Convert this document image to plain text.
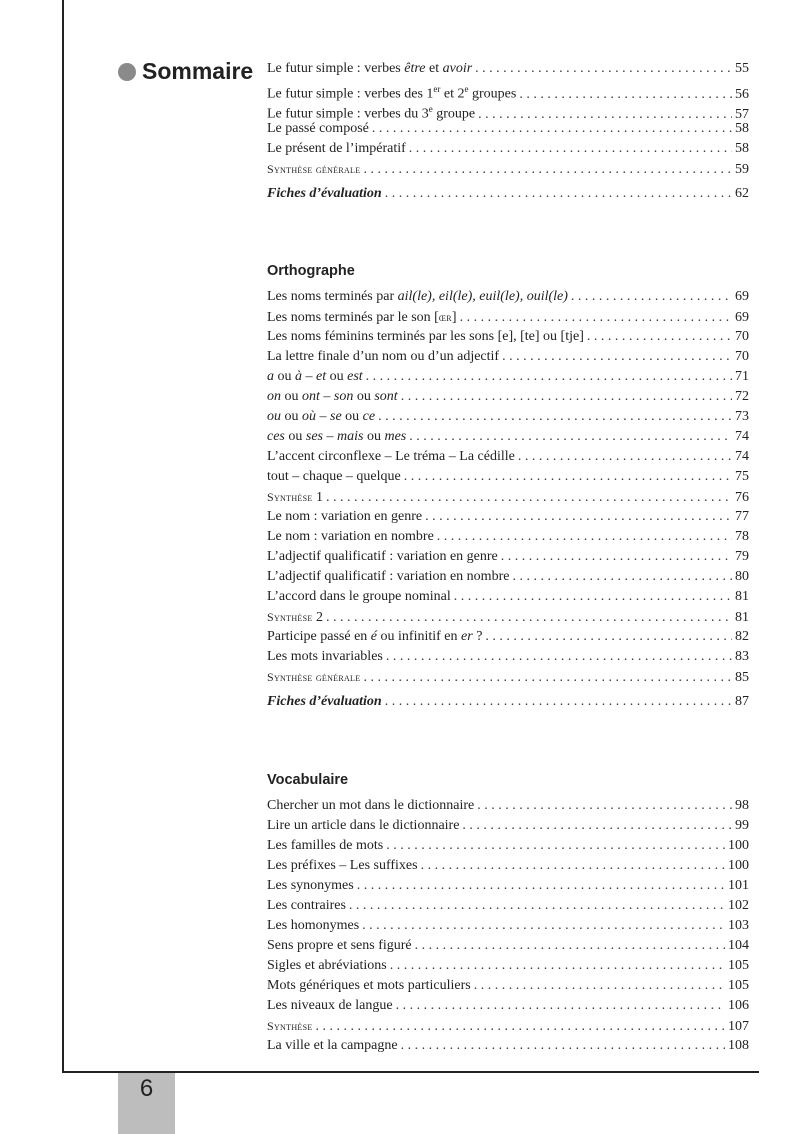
Sommaire Le futur simple : verbes être et avoir . . .	55
Le futur simple : verbes des 1er et 2e groupes . . .	56
Le futur simple : verbes du 3e groupe . . .	57
Le passé composé . . .	58
Le présent de l’impératif . . .	58
Synthèse générale . . .	59
Fiches d’évaluation . . .	62
Orthographe
Les noms terminés par ail(le), eil(le), euil(le), ouil(le) . . .	69
Les noms terminés par le son [œr] . . .	69
Les noms féminins terminés par les sons [e], [te] ou [tje] . . .	70
La lettre finale d’un nom ou d’un adjectif . . .	70
a ou à – et ou est . . .	71
on ou ont – son ou sont . . .	72
ou ou où – se ou ce . . .	73
ces ou ses – mais ou mes . . .	74
L’accent circonflexe – Le tréma – La cédille . . .	74
tout – chaque – quelque . . .	75
Synthèse 1 . . .	76
Le nom : variation en genre . . .	77
Le nom : variation en nombre . . .	78
L’adjectif qualificatif : variation en genre . . .	79
L’adjectif qualificatif : variation en nombre . . .	80
L’accord dans le groupe nominal . . .	81
Synthèse 2 . . .	81
Participe passé en é ou infinitif en er ? . . .	82
Les mots invariables . . .	83
Synthèse générale . . .	85
Fiches d’évaluation . . .	87
Vocabulaire
Chercher un mot dans le dictionnaire . . .	98
Lire un article dans le dictionnaire . . .	99
Les familles de mots . . .	100
Les préfixes – Les suffixes . . .	100
Les synonymes . . .	101
Les contraires . . .	102
Les homonymes . . .	103
Sens propre et sens figuré . . .	104
Sigles et abréviations . . .	105
Mots génériques et mots particuliers . . .	105
Les niveaux de langue . . .	106
Synthèse . . .	107
La ville et la campagne . . .	108
6
